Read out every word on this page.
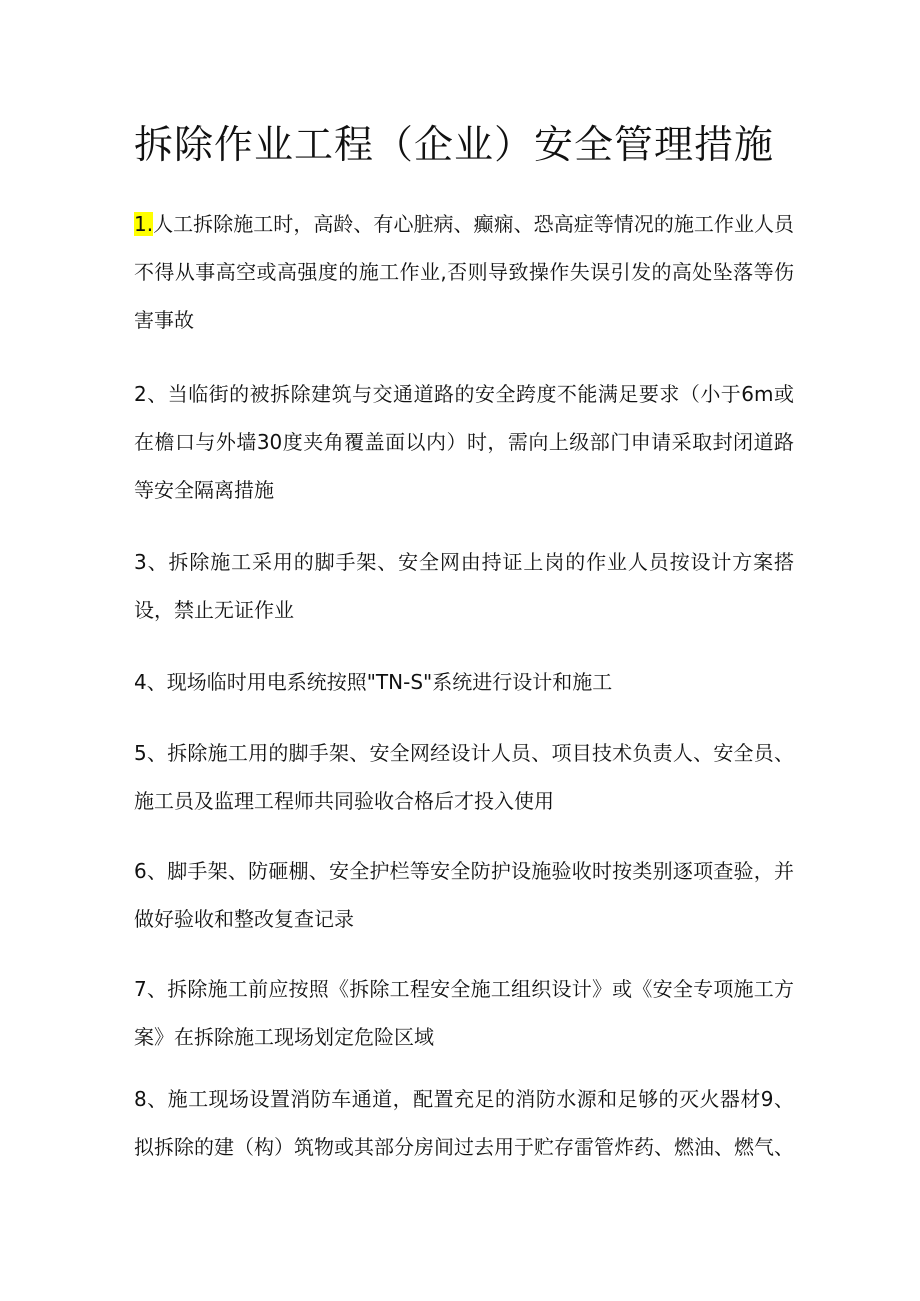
拆除作业工程（企业）安全管理措施

1.人工拆除施工时，高龄、有心脏病、癫痫、恐高症等情况的施工作业人员不得从事高空或高强度的施工作业,否则导致操作失误引发的高处坠落等伤害事故

2、当临街的被拆除建筑与交通道路的安全跨度不能满足要求（小于6m或在檐口与外墙30度夹角覆盖面以内）时，需向上级部门申请采取封闭道路等安全隔离措施

3、拆除施工采用的脚手架、安全网由持证上岗的作业人员按设计方案搭设，禁止无证作业

4、现场临时用电系统按照"TN-S"系统进行设计和施工

5、拆除施工用的脚手架、安全网经设计人员、项目技术负责人、安全员、施工员及监理工程师共同验收合格后才投入使用

6、脚手架、防砸棚、安全护栏等安全防护设施验收时按类别逐项查验，并做好验收和整改复查记录

7、拆除施工前应按照《拆除工程安全施工组织设计》或《安全专项施工方案》在拆除施工现场划定危险区域

8、施工现场设置消防车通道，配置充足的消防水源和足够的灭火器材9、拟拆除的建（构）筑物或其部分房间过去用于贮存雷管炸药、燃油、燃气、
